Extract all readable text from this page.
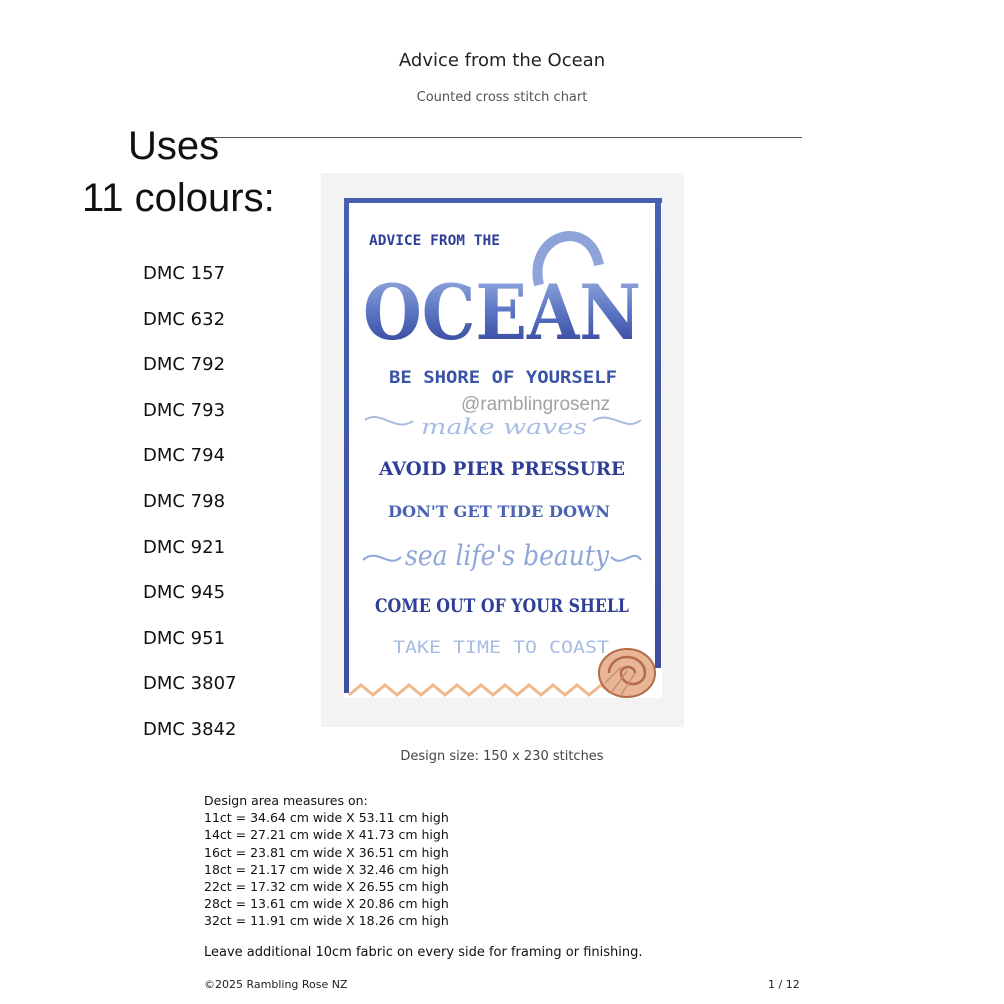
Advice from the Ocean
Counted cross stitch chart
Uses
11 colours:
DMC 157
DMC 632
DMC 792
DMC 793
DMC 794
DMC 798
DMC 921
DMC 945
DMC 951
DMC 3807
DMC 3842
ADVICE FROM THE
OCEAN
BE SHORE OF YOURSELF
@ramblingrosenz
make waves
AVOID PIER PRESSURE
DON'T GET TIDE DOWN
sea life's beauty
COME OUT OF YOUR SHELL
TAKE TIME TO COAST
Design size: 150 x 230 stitches
Design area measures on:
11ct = 34.64 cm wide X 53.11 cm high
14ct = 27.21 cm wide X 41.73 cm high
16ct = 23.81 cm wide X 36.51 cm high
18ct = 21.17 cm wide X 32.46 cm high
22ct = 17.32 cm wide X 26.55 cm high
28ct = 13.61 cm wide X 20.86 cm high
32ct = 11.91 cm wide X 18.26 cm high
Leave additional 10cm fabric on every side for framing or finishing.
©2025 Rambling Rose NZ	1 / 12
